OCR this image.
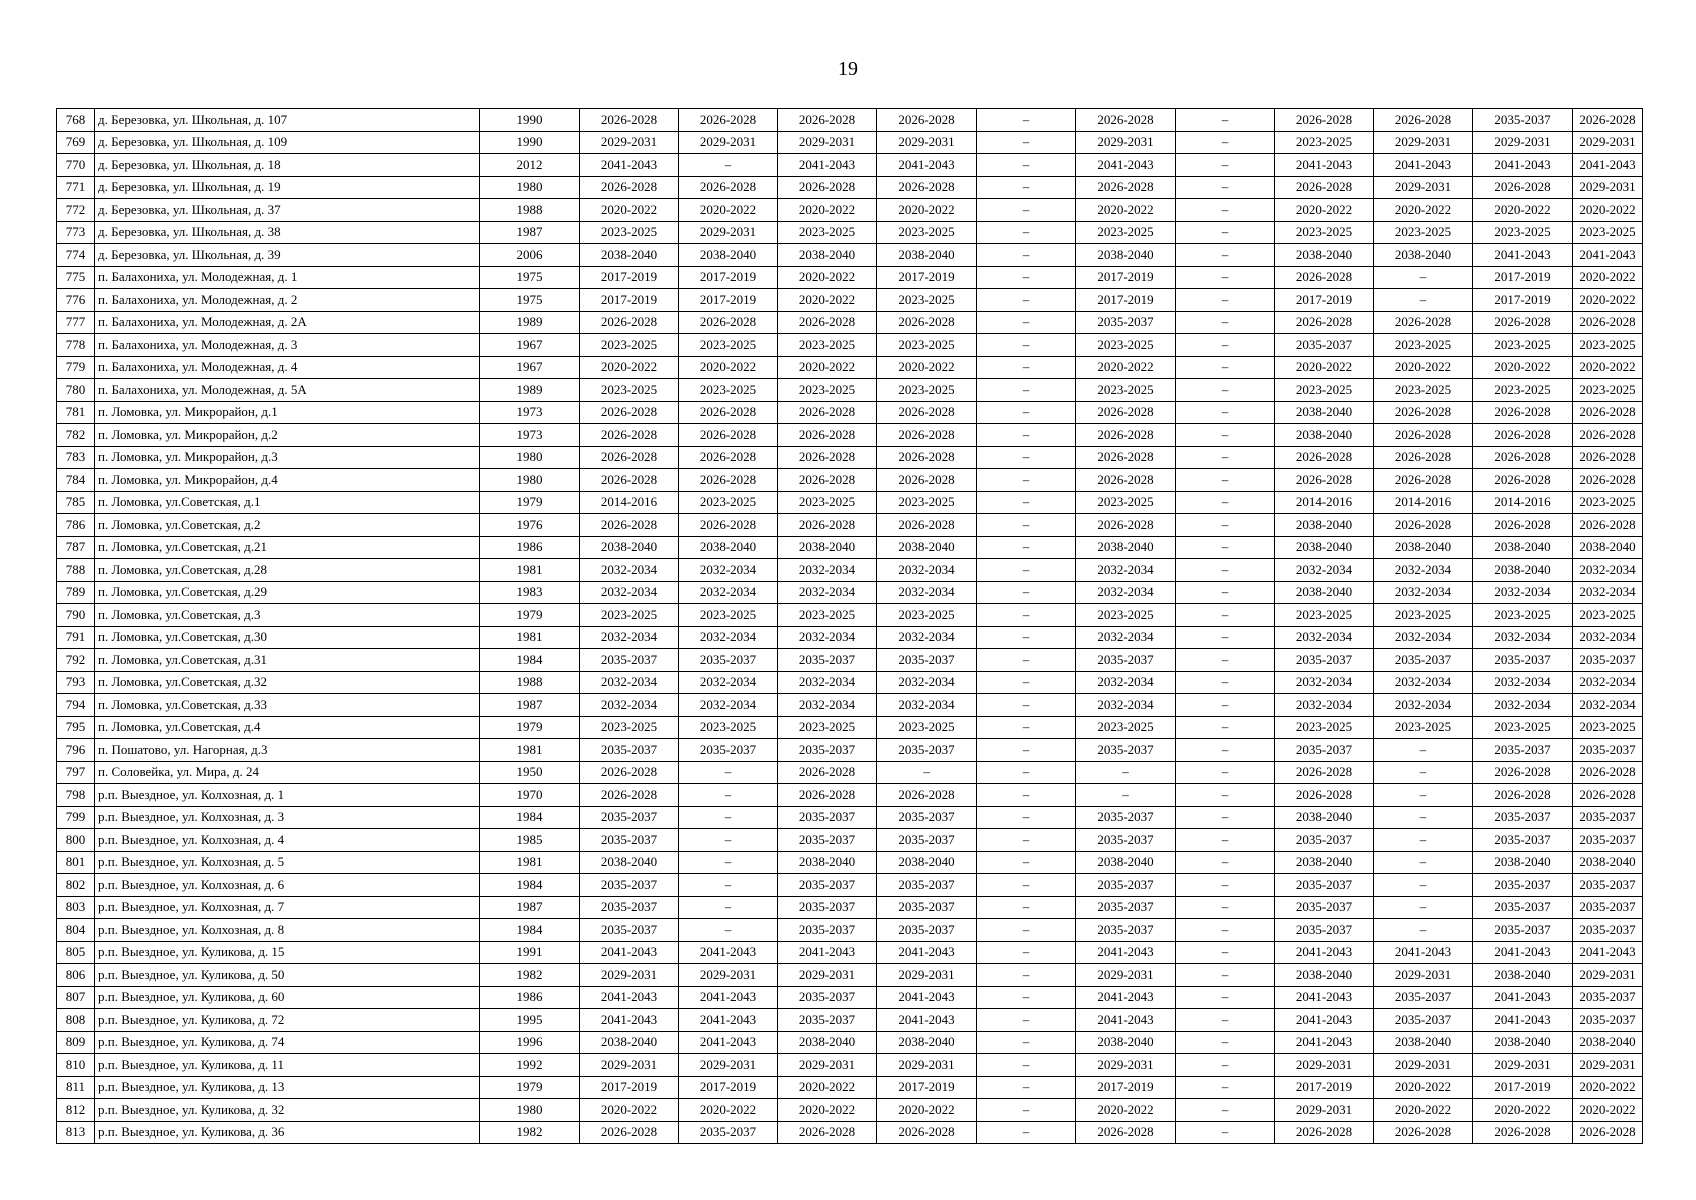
19
768	д. Березовка, ул. Школьная, д. 107	1990	2026-2028	2026-2028	2026-2028	2026-2028	–	2026-2028	–	2026-2028	2026-2028	2035-2037	2026-2028
769	д. Березовка, ул. Школьная, д. 109	1990	2029-2031	2029-2031	2029-2031	2029-2031	–	2029-2031	–	2023-2025	2029-2031	2029-2031	2029-2031
770	д. Березовка, ул. Школьная, д. 18	2012	2041-2043	–	2041-2043	2041-2043	–	2041-2043	–	2041-2043	2041-2043	2041-2043	2041-2043
771	д. Березовка, ул. Школьная, д. 19	1980	2026-2028	2026-2028	2026-2028	2026-2028	–	2026-2028	–	2026-2028	2029-2031	2026-2028	2029-2031
772	д. Березовка, ул. Школьная, д. 37	1988	2020-2022	2020-2022	2020-2022	2020-2022	–	2020-2022	–	2020-2022	2020-2022	2020-2022	2020-2022
773	д. Березовка, ул. Школьная, д. 38	1987	2023-2025	2029-2031	2023-2025	2023-2025	–	2023-2025	–	2023-2025	2023-2025	2023-2025	2023-2025
774	д. Березовка, ул. Школьная, д. 39	2006	2038-2040	2038-2040	2038-2040	2038-2040	–	2038-2040	–	2038-2040	2038-2040	2041-2043	2041-2043
775	п. Балахониха, ул. Молодежная, д. 1	1975	2017-2019	2017-2019	2020-2022	2017-2019	–	2017-2019	–	2026-2028	–	2017-2019	2020-2022
776	п. Балахониха, ул. Молодежная, д. 2	1975	2017-2019	2017-2019	2020-2022	2023-2025	–	2017-2019	–	2017-2019	–	2017-2019	2020-2022
777	п. Балахониха, ул. Молодежная, д. 2А	1989	2026-2028	2026-2028	2026-2028	2026-2028	–	2035-2037	–	2026-2028	2026-2028	2026-2028	2026-2028
778	п. Балахониха, ул. Молодежная, д. 3	1967	2023-2025	2023-2025	2023-2025	2023-2025	–	2023-2025	–	2035-2037	2023-2025	2023-2025	2023-2025
779	п. Балахониха, ул. Молодежная, д. 4	1967	2020-2022	2020-2022	2020-2022	2020-2022	–	2020-2022	–	2020-2022	2020-2022	2020-2022	2020-2022
780	п. Балахониха, ул. Молодежная, д. 5А	1989	2023-2025	2023-2025	2023-2025	2023-2025	–	2023-2025	–	2023-2025	2023-2025	2023-2025	2023-2025
781	п. Ломовка, ул. Микрорайон, д.1	1973	2026-2028	2026-2028	2026-2028	2026-2028	–	2026-2028	–	2038-2040	2026-2028	2026-2028	2026-2028
782	п. Ломовка, ул. Микрорайон, д.2	1973	2026-2028	2026-2028	2026-2028	2026-2028	–	2026-2028	–	2038-2040	2026-2028	2026-2028	2026-2028
783	п. Ломовка, ул. Микрорайон, д.3	1980	2026-2028	2026-2028	2026-2028	2026-2028	–	2026-2028	–	2026-2028	2026-2028	2026-2028	2026-2028
784	п. Ломовка, ул. Микрорайон, д.4	1980	2026-2028	2026-2028	2026-2028	2026-2028	–	2026-2028	–	2026-2028	2026-2028	2026-2028	2026-2028
785	п. Ломовка, ул.Советская, д.1	1979	2014-2016	2023-2025	2023-2025	2023-2025	–	2023-2025	–	2014-2016	2014-2016	2014-2016	2023-2025
786	п. Ломовка, ул.Советская, д.2	1976	2026-2028	2026-2028	2026-2028	2026-2028	–	2026-2028	–	2038-2040	2026-2028	2026-2028	2026-2028
787	п. Ломовка, ул.Советская, д.21	1986	2038-2040	2038-2040	2038-2040	2038-2040	–	2038-2040	–	2038-2040	2038-2040	2038-2040	2038-2040
788	п. Ломовка, ул.Советская, д.28	1981	2032-2034	2032-2034	2032-2034	2032-2034	–	2032-2034	–	2032-2034	2032-2034	2038-2040	2032-2034
789	п. Ломовка, ул.Советская, д.29	1983	2032-2034	2032-2034	2032-2034	2032-2034	–	2032-2034	–	2038-2040	2032-2034	2032-2034	2032-2034
790	п. Ломовка, ул.Советская, д.3	1979	2023-2025	2023-2025	2023-2025	2023-2025	–	2023-2025	–	2023-2025	2023-2025	2023-2025	2023-2025
791	п. Ломовка, ул.Советская, д.30	1981	2032-2034	2032-2034	2032-2034	2032-2034	–	2032-2034	–	2032-2034	2032-2034	2032-2034	2032-2034
792	п. Ломовка, ул.Советская, д.31	1984	2035-2037	2035-2037	2035-2037	2035-2037	–	2035-2037	–	2035-2037	2035-2037	2035-2037	2035-2037
793	п. Ломовка, ул.Советская, д.32	1988	2032-2034	2032-2034	2032-2034	2032-2034	–	2032-2034	–	2032-2034	2032-2034	2032-2034	2032-2034
794	п. Ломовка, ул.Советская, д.33	1987	2032-2034	2032-2034	2032-2034	2032-2034	–	2032-2034	–	2032-2034	2032-2034	2032-2034	2032-2034
795	п. Ломовка, ул.Советская, д.4	1979	2023-2025	2023-2025	2023-2025	2023-2025	–	2023-2025	–	2023-2025	2023-2025	2023-2025	2023-2025
796	п. Пошатово, ул. Нагорная, д.3	1981	2035-2037	2035-2037	2035-2037	2035-2037	–	2035-2037	–	2035-2037	–	2035-2037	2035-2037
797	п. Соловейка, ул. Мира, д. 24	1950	2026-2028	–	2026-2028	–	–	–	–	2026-2028	–	2026-2028	2026-2028
798	р.п. Выездное, ул. Колхозная, д. 1	1970	2026-2028	–	2026-2028	2026-2028	–	–	–	2026-2028	–	2026-2028	2026-2028
799	р.п. Выездное, ул. Колхозная, д. 3	1984	2035-2037	–	2035-2037	2035-2037	–	2035-2037	–	2038-2040	–	2035-2037	2035-2037
800	р.п. Выездное, ул. Колхозная, д. 4	1985	2035-2037	–	2035-2037	2035-2037	–	2035-2037	–	2035-2037	–	2035-2037	2035-2037
801	р.п. Выездное, ул. Колхозная, д. 5	1981	2038-2040	–	2038-2040	2038-2040	–	2038-2040	–	2038-2040	–	2038-2040	2038-2040
802	р.п. Выездное, ул. Колхозная, д. 6	1984	2035-2037	–	2035-2037	2035-2037	–	2035-2037	–	2035-2037	–	2035-2037	2035-2037
803	р.п. Выездное, ул. Колхозная, д. 7	1987	2035-2037	–	2035-2037	2035-2037	–	2035-2037	–	2035-2037	–	2035-2037	2035-2037
804	р.п. Выездное, ул. Колхозная, д. 8	1984	2035-2037	–	2035-2037	2035-2037	–	2035-2037	–	2035-2037	–	2035-2037	2035-2037
805	р.п. Выездное, ул. Куликова, д. 15	1991	2041-2043	2041-2043	2041-2043	2041-2043	–	2041-2043	–	2041-2043	2041-2043	2041-2043	2041-2043
806	р.п. Выездное, ул. Куликова, д. 50	1982	2029-2031	2029-2031	2029-2031	2029-2031	–	2029-2031	–	2038-2040	2029-2031	2038-2040	2029-2031
807	р.п. Выездное, ул. Куликова, д. 60	1986	2041-2043	2041-2043	2035-2037	2041-2043	–	2041-2043	–	2041-2043	2035-2037	2041-2043	2035-2037
808	р.п. Выездное, ул. Куликова, д. 72	1995	2041-2043	2041-2043	2035-2037	2041-2043	–	2041-2043	–	2041-2043	2035-2037	2041-2043	2035-2037
809	р.п. Выездное, ул. Куликова, д. 74	1996	2038-2040	2041-2043	2038-2040	2038-2040	–	2038-2040	–	2041-2043	2038-2040	2038-2040	2038-2040
810	р.п. Выездное, ул. Куликова, д. 11	1992	2029-2031	2029-2031	2029-2031	2029-2031	–	2029-2031	–	2029-2031	2029-2031	2029-2031	2029-2031
811	р.п. Выездное, ул. Куликова, д. 13	1979	2017-2019	2017-2019	2020-2022	2017-2019	–	2017-2019	–	2017-2019	2020-2022	2017-2019	2020-2022
812	р.п. Выездное, ул. Куликова, д. 32	1980	2020-2022	2020-2022	2020-2022	2020-2022	–	2020-2022	–	2029-2031	2020-2022	2020-2022	2020-2022
813	р.п. Выездное, ул. Куликова, д. 36	1982	2026-2028	2035-2037	2026-2028	2026-2028	–	2026-2028	–	2026-2028	2026-2028	2026-2028	2026-2028
